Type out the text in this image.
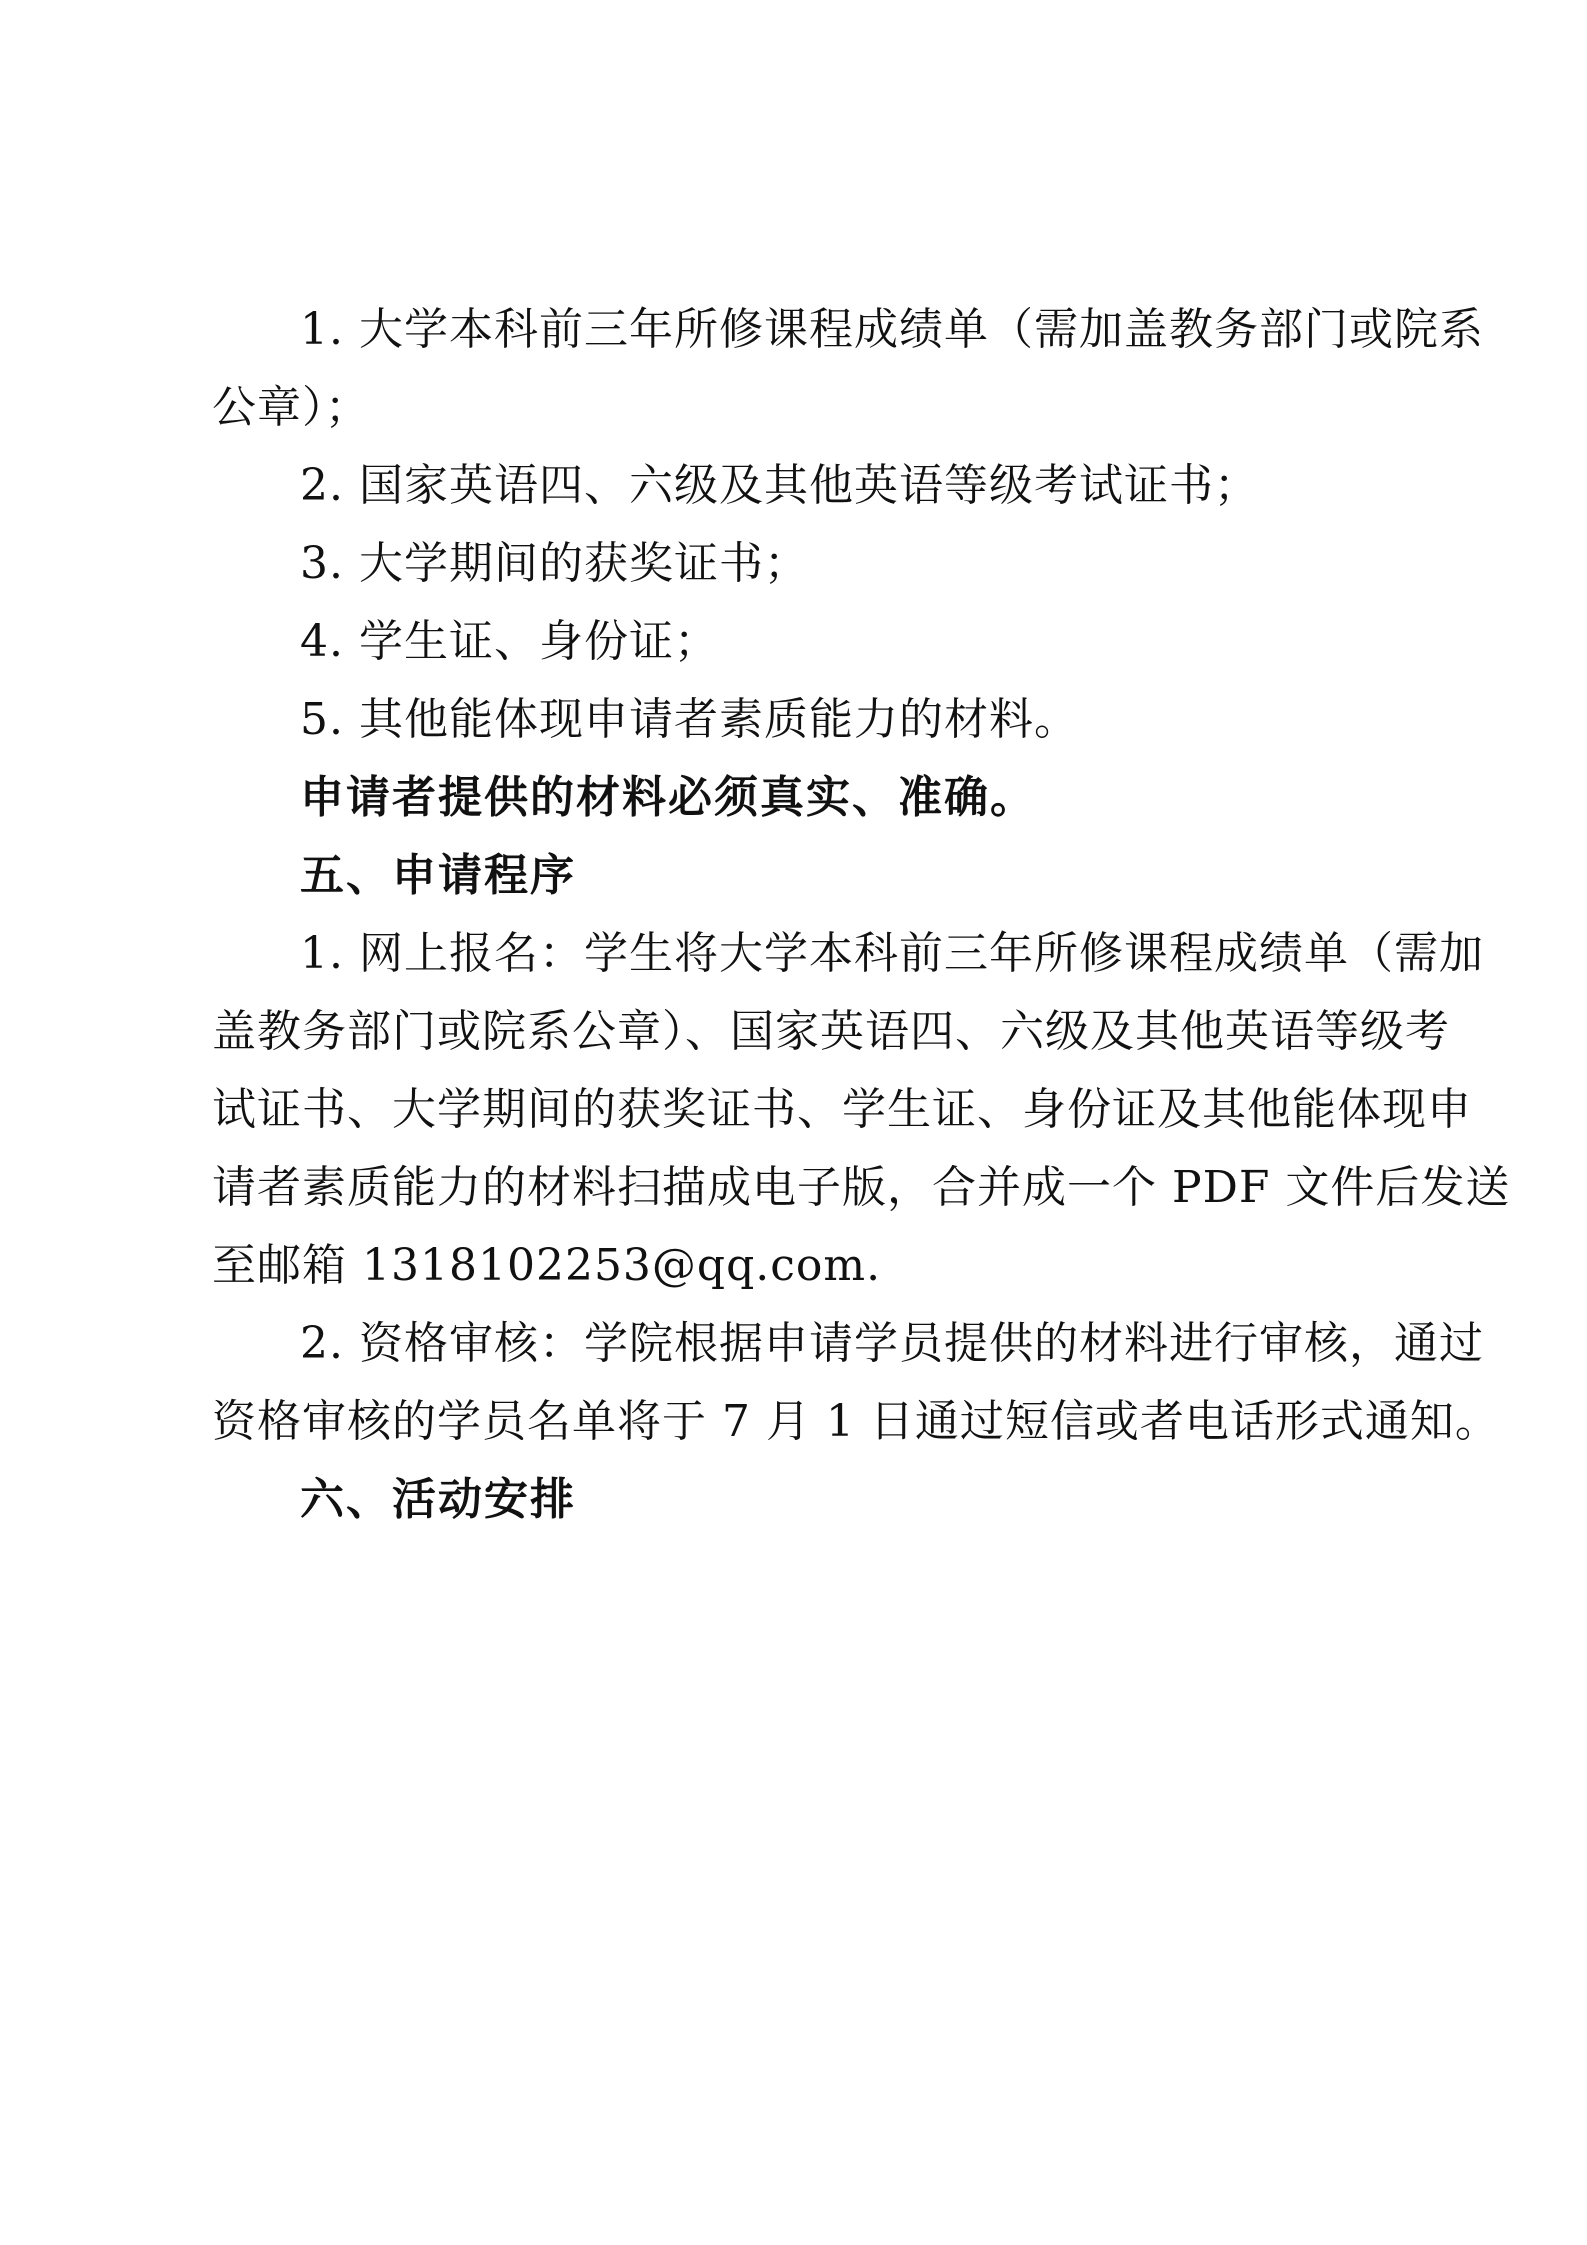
1. 大学本科前三年所修课程成绩单（需加盖教务部门或院系
公章）；
2. 国家英语四、六级及其他英语等级考试证书；
3. 大学期间的获奖证书；
4. 学生证、身份证；
5. 其他能体现申请者素质能力的材料。
申请者提供的材料必须真实、准确。
五、申请程序
1. 网上报名：学生将大学本科前三年所修课程成绩单（需加
盖教务部门或院系公章）、国家英语四、六级及其他英语等级考
试证书、大学期间的获奖证书、学生证、身份证及其他能体现申
请者素质能力的材料扫描成电子版，合并成一个 PDF 文件后发送
至邮箱 1318102253@qq.com.
2. 资格审核：学院根据申请学员提供的材料进行审核，通过
资格审核的学员名单将于 7 月 1 日通过短信或者电话形式通知。
六、活动安排
